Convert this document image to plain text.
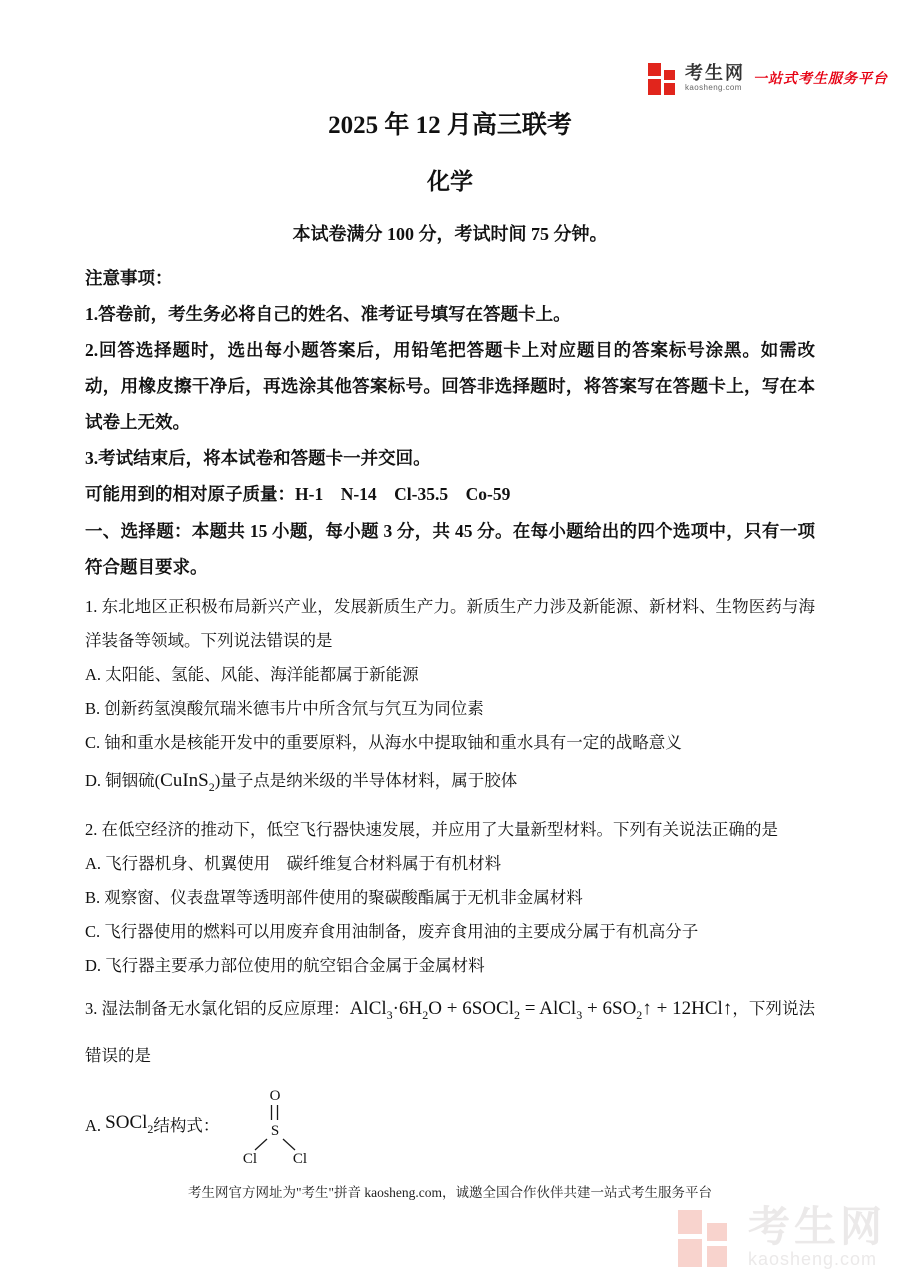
考生网
kaosheng.com
一站式考生服务平台
2025 年 12 月高三联考
化学

本试卷满分 100 分，考试时间 75 分钟。

注意事项：

1.答卷前，考生务必将自己的姓名、准考证号填写在答题卡上。

2.回答选择题时，选出每小题答案后，用铅笔把答题卡上对应题目的答案标号涂黑。如需改动，用橡皮擦干净后，再选涂其他答案标号。回答非选择题时，将答案写在答题卡上，写在本试卷上无效。

3.考试结束后，将本试卷和答题卡一并交回。

可能用到的相对原子质量：H-1　N-14　Cl-35.5　Co-59

一、选择题：本题共 15 小题，每小题 3 分，共 45 分。在每小题给出的四个选项中，只有一项符合题目要求。

1. 东北地区正积极布局新兴产业，发展新质生产力。新质生产力涉及新能源、新材料、生物医药与海洋装备等领域。下列说法错误的是

A. 太阳能、氢能、风能、海洋能都属于新能源

B. 创新药氢溴酸氘瑞米德韦片中所含氘与氕互为同位素

C. 铀和重水是核能开发中的重要原料，从海水中提取铀和重水具有一定的战略意义

D. 铜铟硫(CuInS$_2$)量子点是纳米级的半导体材料，属于胶体

2. 在低空经济的推动下，低空飞行器快速发展，并应用了大量新型材料。下列有关说法正确的是

A. 飞行器机身、机翼使用　碳纤维复合材料属于有机材料

B. 观察窗、仪表盘罩等透明部件使用的聚碳酸酯属于无机非金属材料

C. 飞行器使用的燃料可以用废弃食用油制备，废弃食用油的主要成分属于有机高分子

D. 飞行器主要承力部位使用的航空铝合金属于金属材料

3. 湿法制备无水氯化铝的反应原理：$AlCl_3\cdot 6H_2O$ + 6SOCl$_2$ = AlCl$_3$ + $6SO_2↑$ + 12HCl↑，下列说法错误的是

A.
SOCl$_2$ 结构式：
O
S
Cl Cl

考生网官方网址为"考生"拼音 kaosheng.com，诚邀全国合作伙伴共建一站式考生服务平台

考生网
kaosheng.com
